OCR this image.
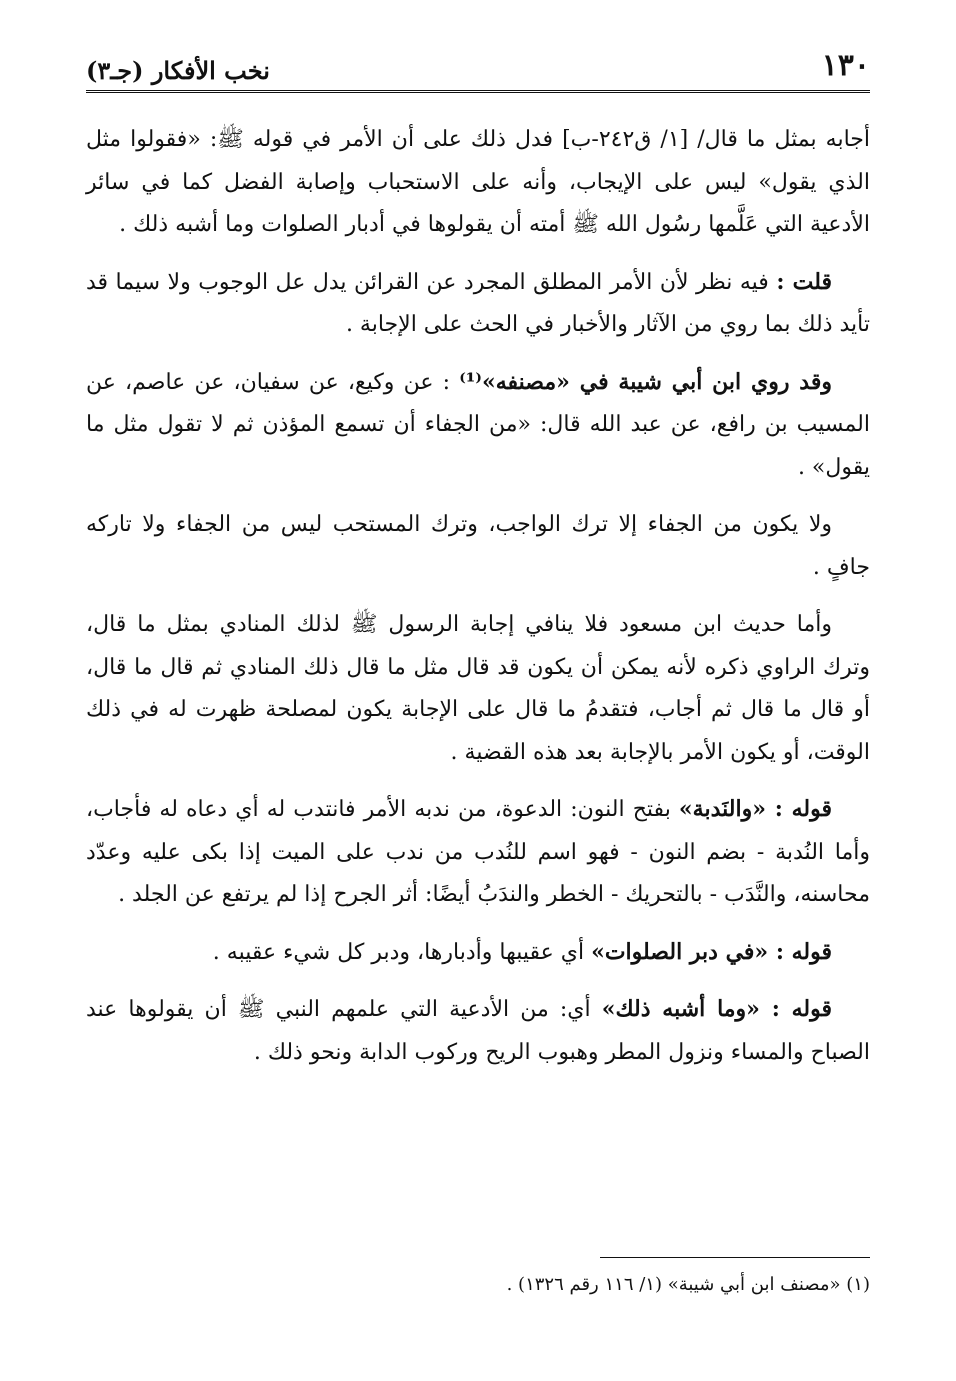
١٣٠
نخب الأفكار (جـ٣)

أجابه بمثل ما قال/ [١/ ق٢٤٢-ب] فدل ذلك على أن الأمر في قوله ﷺ: «فقولوا مثل الذي يقول» ليس على الإيجاب، وأنه على الاستحباب وإصابة الفضل كما في سائر الأدعية التي عَلَّمها رسُول الله ﷺ أمته أن يقولوها في أدبار الصلوات وما أشبه ذلك .

قلت : فيه نظر لأن الأمر المطلق المجرد عن القرائن يدل عل الوجوب ولا سيما قد تأيد ذلك بما روي من الآثار والأخبار في الحث على الإجابة .

وقد روي ابن أبي شيبة في «مصنفه»⁽¹⁾ : عن وكيع، عن سفيان، عن عاصم، عن المسيب بن رافع، عن عبد الله قال: «من الجفاء أن تسمع المؤذن ثم لا تقول مثل ما يقول» .

ولا يكون من الجفاء إلا ترك الواجب، وترك المستحب ليس من الجفاء ولا تاركه جافٍ .

وأما حديث ابن مسعود فلا ينافي إجابة الرسول ﷺ لذلك المنادي بمثل ما قال، وترك الراوي ذكره لأنه يمكن أن يكون قد قال مثل ما قال ذلك المنادي ثم قال ما قال، أو قال ما قال ثم أجاب، فتقدمُ ما قال على الإجابة يكون لمصلحة ظهرت له في ذلك الوقت، أو يكون الأمر بالإجابة بعد هذه القضية .

قوله : «والنَدبة» بفتح النون: الدعوة، من ندبه الأمر فانتدب له أي دعاه له فأجاب، وأما النُدبة - بضم النون - فهو اسم للنُدب من ندب على الميت إذا بكى عليه وعدّد محاسنه، والنَّدَب - بالتحريك - الخطر والندَبُ أيضًا: أثر الجرح إذا لم يرتفع عن الجلد .

قوله : «في دبر الصلوات» أي عقيبها وأدبارها، ودبر كل شيء عقيبه .

قوله : «وما أشبه ذلك» أي: من الأدعية التي علمهم النبي ﷺ أن يقولوها عند الصباح والمساء ونزول المطر وهبوب الريح وركوب الدابة ونحو ذلك .

(١) «مصنف ابن أبي شيبة» (١/ ١١٦ رقم ١٣٢٦) .
